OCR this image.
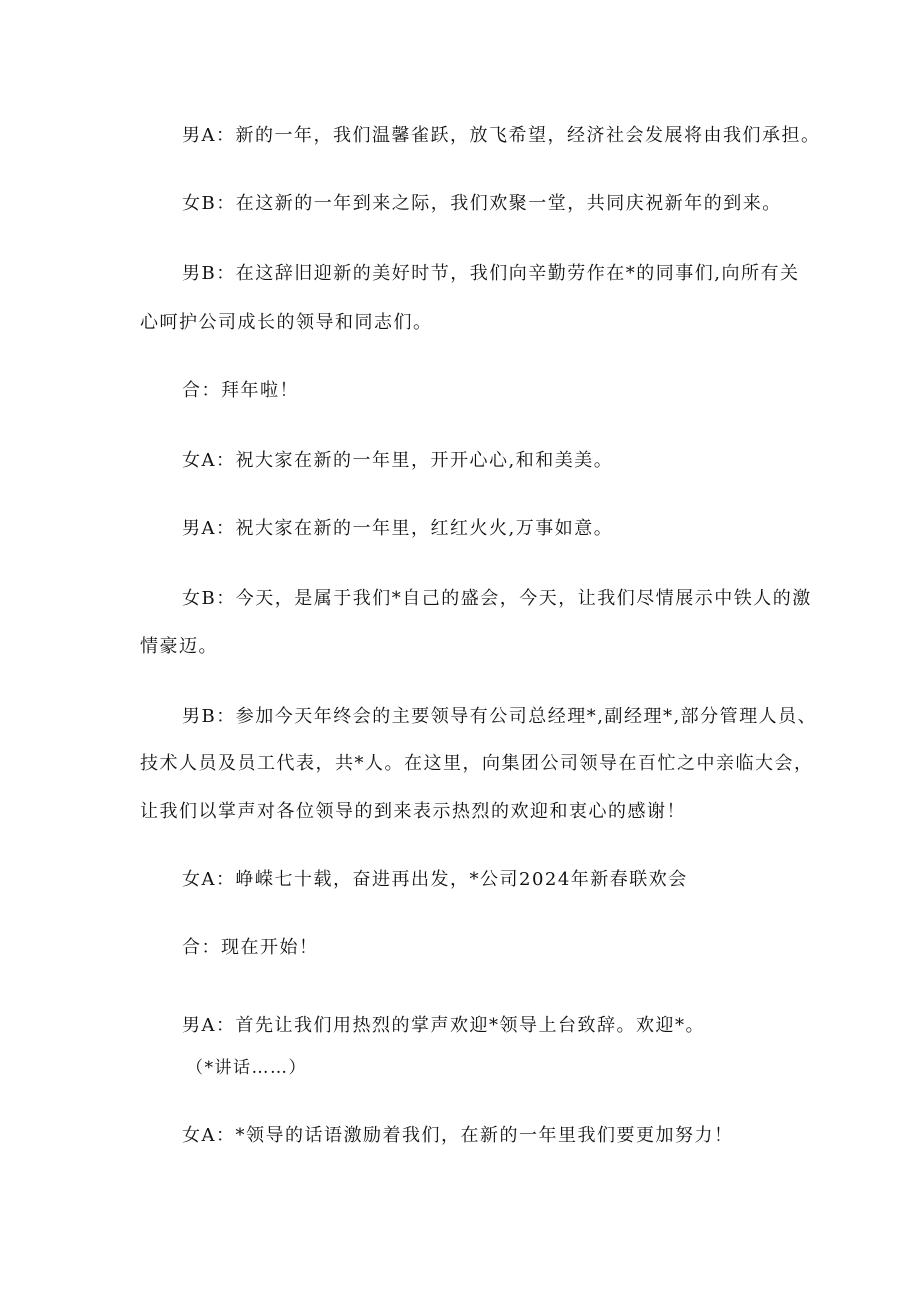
男A：新的一年，我们温馨雀跃，放飞希望，经济社会发展将由我们承担。
女B：在这新的一年到来之际，我们欢聚一堂，共同庆祝新年的到来。
男B：在这辞旧迎新的美好时节，我们向辛勤劳作在*的同事们,向所有关
心呵护公司成长的领导和同志们。
合：拜年啦！
女A：祝大家在新的一年里，开开心心,和和美美。
男A：祝大家在新的一年里，红红火火,万事如意。
女B：今天，是属于我们*自己的盛会，今天，让我们尽情展示中铁人的激
情豪迈。
男B：参加今天年终会的主要领导有公司总经理*,副经理*,部分管理人员、
技术人员及员工代表，共*人。在这里，向集团公司领导在百忙之中亲临大会，
让我们以掌声对各位领导的到来表示热烈的欢迎和衷心的感谢！
女A：峥嵘七十载，奋进再出发，*公司2024年新春联欢会
合：现在开始！
男A：首先让我们用热烈的掌声欢迎*领导上台致辞。欢迎*。
（*讲话……）
女A：*领导的话语激励着我们，在新的一年里我们要更加努力！
